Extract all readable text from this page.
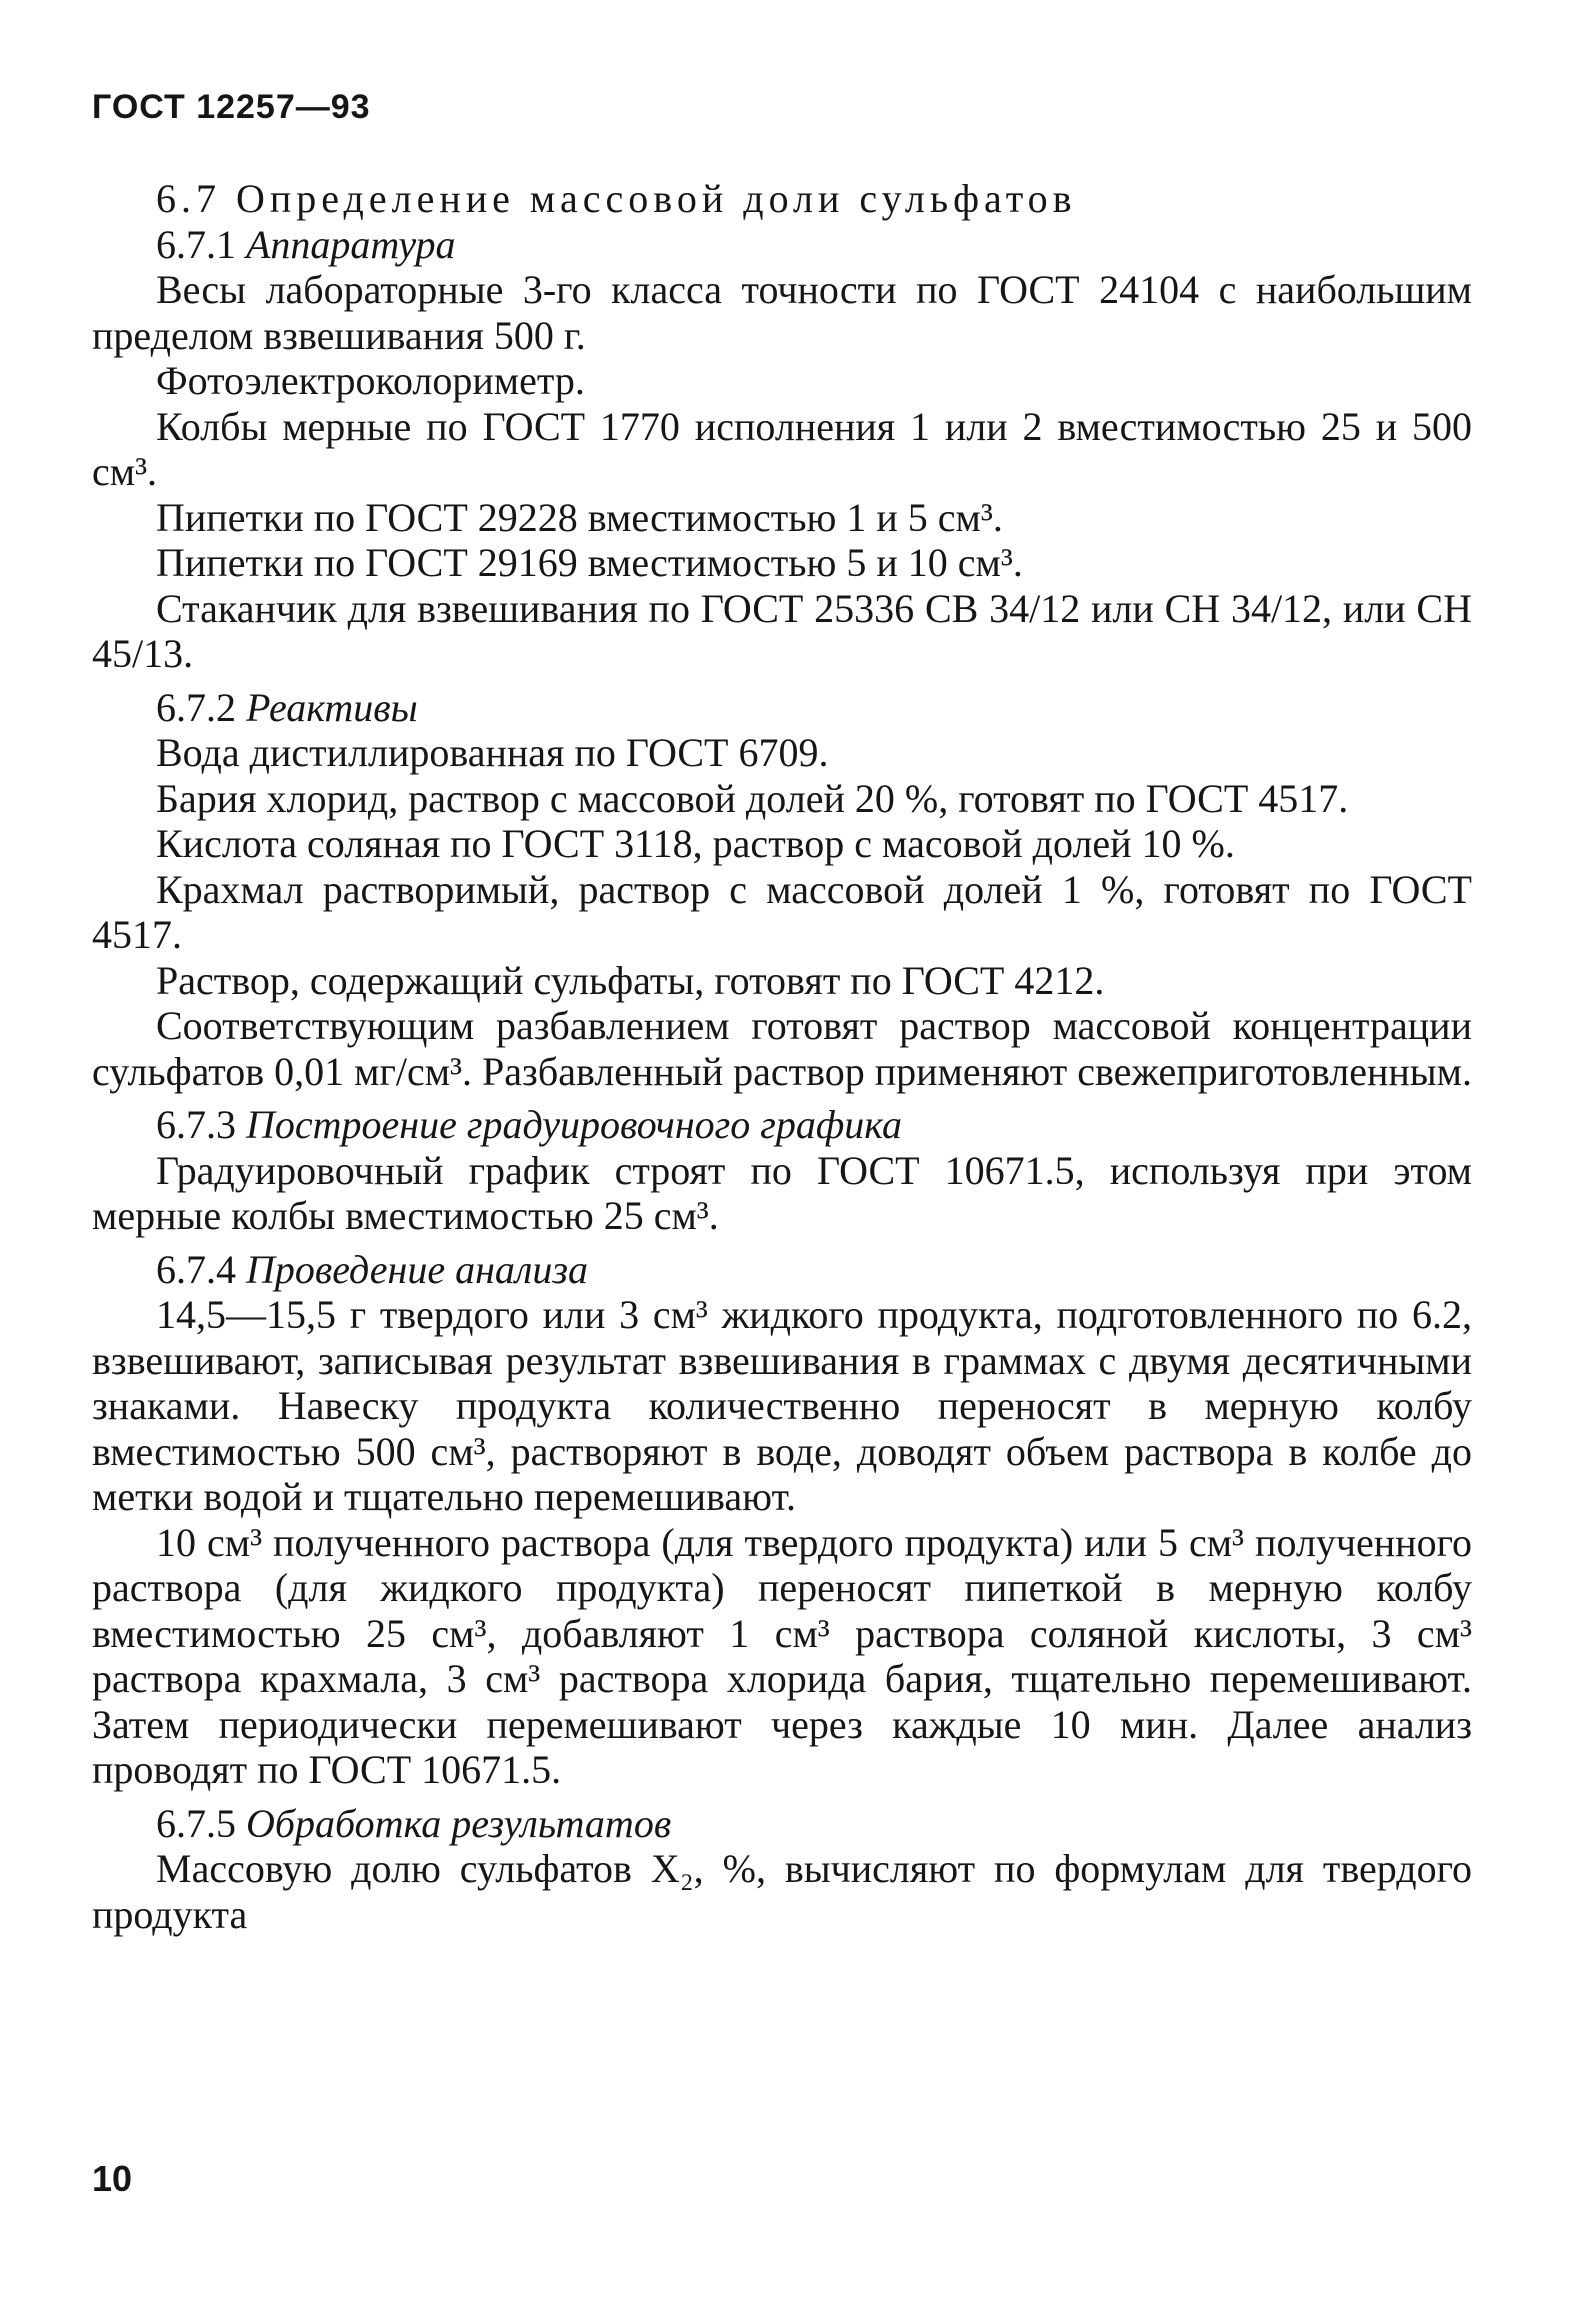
ГОСТ 12257—93

6.7 Определение массовой доли сульфатов

6.7.1 Аппаратура

Весы лабораторные 3-го класса точности по ГОСТ 24104 с наибольшим пределом взвешивания 500 г.

Фотоэлектроколориметр.

Колбы мерные по ГОСТ 1770 исполнения 1 или 2 вместимостью 25 и 500 см³.

Пипетки по ГОСТ 29228 вместимостью 1 и 5 см³.

Пипетки по ГОСТ 29169 вместимостью 5 и 10 см³.

Стаканчик для взвешивания по ГОСТ 25336 СВ 34/12 или СН 34/12, или СН 45/13.

6.7.2 Реактивы

Вода дистиллированная по ГОСТ 6709.

Бария хлорид, раствор с массовой долей 20 %, готовят по ГОСТ 4517.

Кислота соляная по ГОСТ 3118, раствор с масовой долей 10 %.

Крахмал растворимый, раствор с массовой долей 1 %, готовят по ГОСТ 4517.

Раствор, содержащий сульфаты, готовят по ГОСТ 4212.

Соответствующим разбавлением готовят раствор массовой концентрации сульфатов 0,01 мг/см³. Разбавленный раствор применяют свежеприготовленным.

6.7.3 Построение градуировочного графика

Градуировочный график строят по ГОСТ 10671.5, используя при этом мерные колбы вместимостью 25 см³.

6.7.4 Проведение анализа

14,5—15,5 г твердого или 3 см³ жидкого продукта, подготовленного по 6.2, взвешивают, записывая результат взвешивания в граммах с двумя десятичными знаками. Навеску продукта количественно переносят в мерную колбу вместимостью 500 см³, растворяют в воде, доводят объем раствора в колбе до метки водой и тщательно перемешивают.

10 см³ полученного раствора (для твердого продукта) или 5 см³ полученного раствора (для жидкого продукта) переносят пипеткой в мерную колбу вместимостью 25 см³, добавляют 1 см³ раствора соляной кислоты, 3 см³ раствора крахмала, 3 см³ раствора хлорида бария, тщательно перемешивают. Затем периодически перемешивают через каждые 10 мин. Далее анализ проводят по ГОСТ 10671.5.

6.7.5 Обработка результатов

Массовую долю сульфатов X₂, %, вычисляют по формулам для твердого продукта

10
